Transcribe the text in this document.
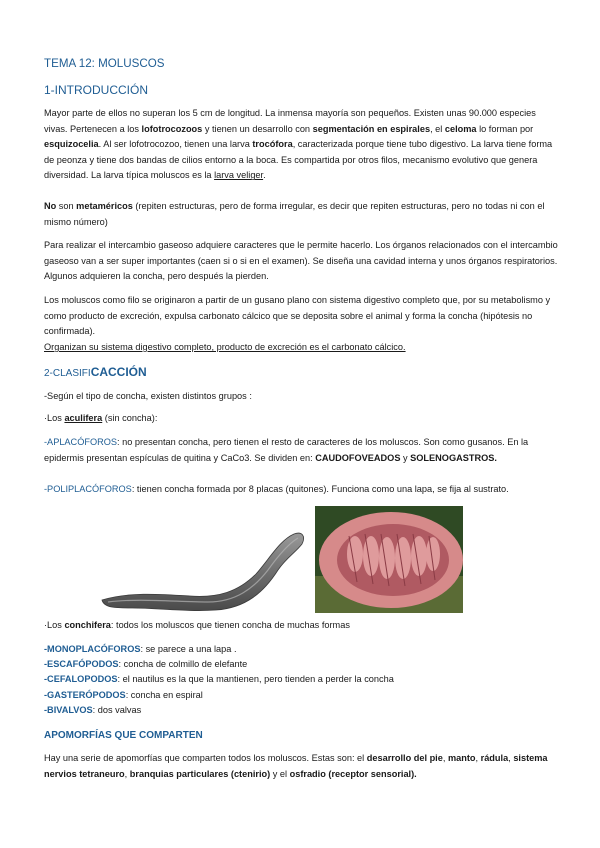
TEMA 12: MOLUSCOS
1-INTRODUCCIÓN

Mayor parte de ellos no superan los 5 cm de longitud. La inmensa mayoría son pequeños. Existen unas 90.000 especies vivas. Pertenecen a los lofotrocozoos y tienen un desarrollo con segmentación en espirales, el celoma lo forman por esquizocelia. Al ser lofotrocozoo, tienen una larva trocófora, caracterizada porque tiene tubo digestivo. La larva tiene forma de peonza y tiene dos bandas de cilios entorno a la boca. Es compartida por otros filos, mecanismo evolutivo que genera diversidad. La larva típica moluscos es la larva veliger.

No son metaméricos (repiten estructuras, pero de forma irregular, es decir que repiten estructuras, pero no todas ni con el mismo número)

Para realizar el intercambio gaseoso adquiere caracteres que le permite hacerlo. Los órganos relacionados con el intercambio gaseoso van a ser super importantes (caen si o si en el examen). Se diseña una cavidad interna y unos órganos respiratorios. Algunos adquieren la concha, pero después la pierden.

Los moluscos como filo se originaron a partir de un gusano plano con sistema digestivo completo que, por su metabolismo y como producto de excreción, expulsa carbonato cálcico que se deposita sobre el animal y forma la concha (hipótesis no confirmada).

Organizan su sistema digestivo completo, producto de excreción es el carbonato cálcico.

2-CLASIFICACCIÓN

-Según el tipo de concha, existen distintos grupos :

·Los aculifera (sin concha):

-APLACÓFOROS: no presentan concha, pero tienen el resto de caracteres de los moluscos. Son como gusanos. En la epidermis presentan espículas de quitina y CaCo3. Se dividen en: CAUDOFOVEADOS y SOLENOGASTROS.

-POLIPLACÓFOROS: tienen concha formada por 8 placas (quitones). Funciona como una lapa, se fija al sustrato.

·Los conchifera: todos los moluscos que tienen concha de muchas formas

-MONOPLACÓFOROS: se parece a una lapa .
-ESCAFÓPODOS: concha de colmillo de elefante
-CEFALOPODOS: el nautilus es la que la mantienen, pero tienden a perder la concha
-GASTERÓPODOS: concha en espiral
-BIVALVOS: dos valvas
APOMORFÍAS QUE COMPARTEN

Hay una serie de apomorfías que comparten todos los moluscos. Estas son: el desarrollo del pie, manto, rádula, sistema nervios tetraneuro, branquias particulares (ctenirio) y el osfradio (receptor sensorial).
